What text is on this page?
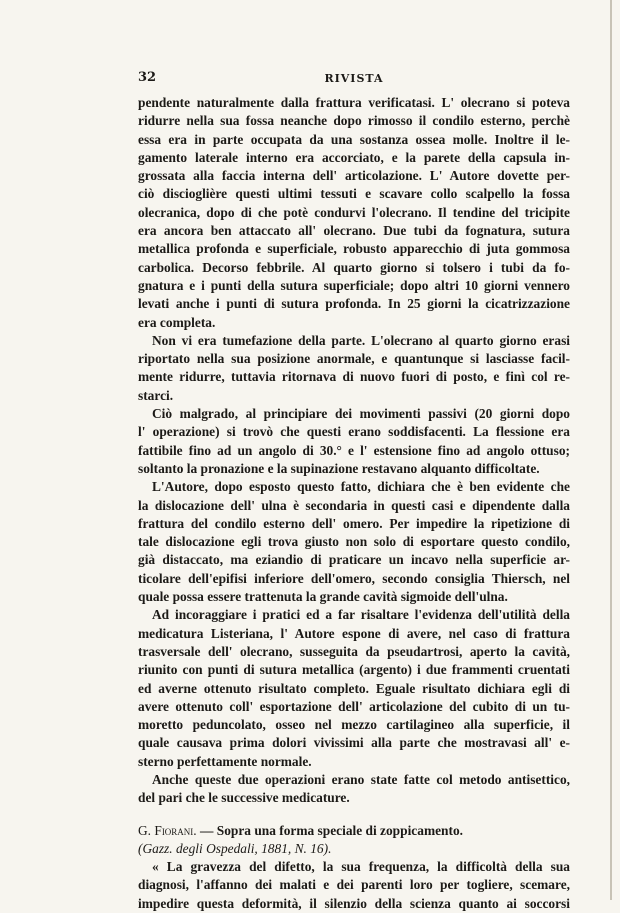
32	RIVISTA
pendente naturalmente dalla frattura verificatasi. L' olecrano si poteva
ridurre nella sua fossa neanche dopo rimosso il condilo esterno, perchè
essa era in parte occupata da una sostanza ossea molle. Inoltre il le-
gamento laterale interno era accorciato, e la parete della capsula in-
grossata alla faccia interna dell' articolazione. L' Autore dovette per-
ciò discioglière questi ultimi tessuti e scavare collo scalpello la fossa
olecranica, dopo di che potè condurvi l'olecrano. Il tendine del tricipite
era ancora ben attaccato all' olecrano. Due tubi da fognatura, sutura
metallica profonda e superficiale, robusto apparecchio di juta gommosa
carbolica. Decorso febbrile. Al quarto giorno si tolsero i tubi da fo-
gnatura e i punti della sutura superficiale; dopo altri 10 giorni vennero
levati anche i punti di sutura profonda. In 25 giorni la cicatrizzazione
era completa.
Non vi era tumefazione della parte. L'olecrano al quarto giorno erasi
riportato nella sua posizione anormale, e quantunque si lasciasse facil-
mente ridurre, tuttavia ritornava di nuovo fuori di posto, e finì col re-
starci.
Ciò malgrado, al principiare dei movimenti passivi (20 giorni dopo
l' operazione) si trovò che questi erano soddisfacenti. La flessione era
fattibile fino ad un angolo di 30.° e l' estensione fino ad angolo ottuso;
soltanto la pronazione e la supinazione restavano alquanto difficoltate.
L'Autore, dopo esposto questo fatto, dichiara che è ben evidente che
la dislocazione dell' ulna è secondaria in questi casi e dipendente dalla
frattura del condilo esterno dell' omero. Per impedire la ripetizione di
tale dislocazione egli trova giusto non solo di esportare questo condilo,
già distaccato, ma eziandio di praticare un incavo nella superficie ar-
ticolare dell'epifisi inferiore dell'omero, secondo consiglia Thiersch, nel
quale possa essere trattenuta la grande cavità sigmoide dell'ulna.
Ad incoraggiare i pratici ed a far risaltare l'evidenza dell'utilità della
medicatura Listeriana, l' Autore espone di avere, nel caso di frattura
trasversale dell' olecrano, susseguita da pseudartrosi, aperto la cavità,
riunito con punti di sutura metallica (argento) i due frammenti cruentati
ed averne ottenuto risultato completo. Eguale risultato dichiara egli di
avere ottenuto coll' esportazione dell' articolazione del cubito di un tu-
moretto peduncolato, osseo nel mezzo cartilagineo alla superficie, il
quale causava prima dolori vivissimi alla parte che mostravasi all' e-
sterno perfettamente normale.
Anche queste due operazioni erano state fatte col metodo antisettico,
del pari che le successive medicature.
G. Fiorani. — Sopra una forma speciale di zoppicamento.
(Gazz. degli Ospedali, 1881, N. 16).
« La gravezza del difetto, la sua frequenza, la difficoltà della sua
diagnosi, l'affanno dei malati e dei parenti loro per togliere, scemare,
impedire questa deformità, il silenzio della scienza quanto ai soccorsi
